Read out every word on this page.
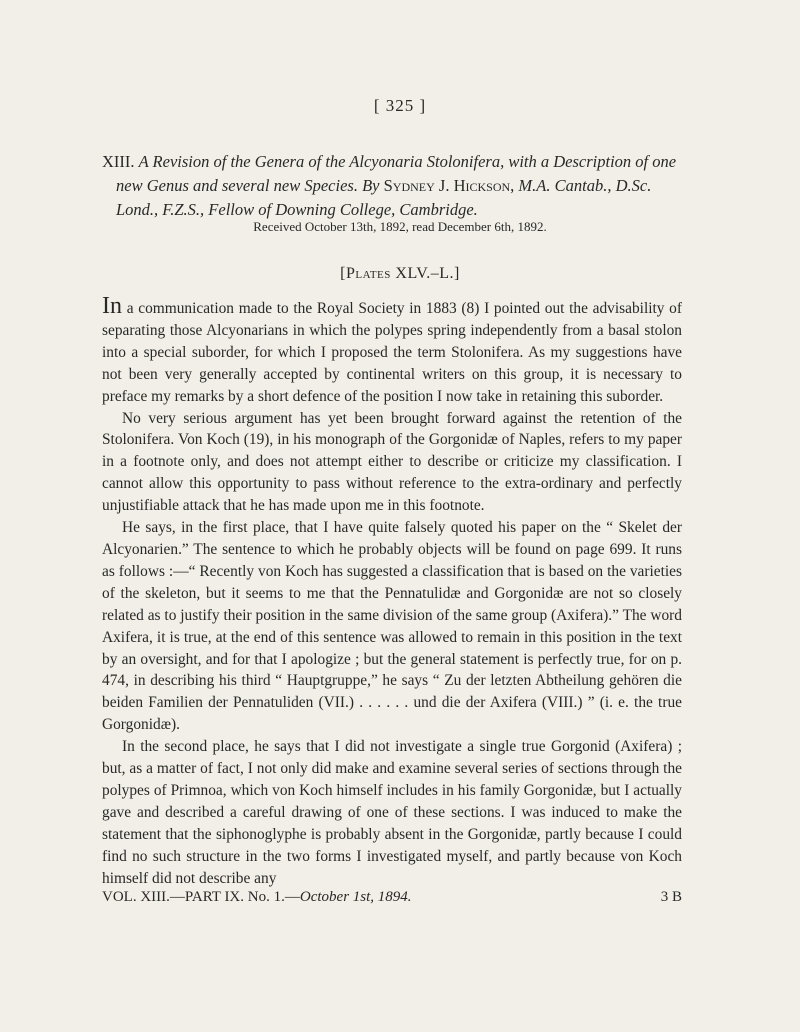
[ 325 ]
XIII. A Revision of the Genera of the Alcyonaria Stolonifera, with a Description of one new Genus and several new Species. By Sydney J. Hickson, M.A. Cantab., D.Sc. Lond., F.Z.S., Fellow of Downing College, Cambridge.
Received October 13th, 1892, read December 6th, 1892.
[Plates XLV.–L.]

In a communication made to the Royal Society in 1883 (8) I pointed out the advisability of separating those Alcyonarians in which the polypes spring independently from a basal stolon into a special suborder, for which I proposed the term Stolonifera. As my suggestions have not been very generally accepted by continental writers on this group, it is necessary to preface my remarks by a short defence of the position I now take in retaining this suborder.

No very serious argument has yet been brought forward against the retention of the Stolonifera. Von Koch (19), in his monograph of the Gorgonidæ of Naples, refers to my paper in a footnote only, and does not attempt either to describe or criticize my classification. I cannot allow this opportunity to pass without reference to the extra-ordinary and perfectly unjustifiable attack that he has made upon me in this footnote.

He says, in the first place, that I have quite falsely quoted his paper on the “ Skelet der Alcyonarien.” The sentence to which he probably objects will be found on page 699. It runs as follows :—“ Recently von Koch has suggested a classification that is based on the varieties of the skeleton, but it seems to me that the Pennatulidæ and Gorgonidæ are not so closely related as to justify their position in the same division of the same group (Axifera).” The word Axifera, it is true, at the end of this sentence was allowed to remain in this position in the text by an oversight, and for that I apologize ; but the general statement is perfectly true, for on p. 474, in describing his third “ Hauptgruppe,” he says “ Zu der letzten Abtheilung gehören die beiden Familien der Pennatuliden (VII.) . . . . . . und die der Axifera (VIII.) ” (i. e. the true Gorgonidæ).

In the second place, he says that I did not investigate a single true Gorgonid (Axifera) ; but, as a matter of fact, I not only did make and examine several series of sections through the polypes of Primnoa, which von Koch himself includes in his family Gorgonidæ, but I actually gave and described a careful drawing of one of these sections. I was induced to make the statement that the siphonoglyphe is probably absent in the Gorgonidæ, partly because I could find no such structure in the two forms I investigated myself, and partly because von Koch himself did not describe any

VOL. XIII.—PART IX. No. 1.—October 1st, 1894.	3 B
